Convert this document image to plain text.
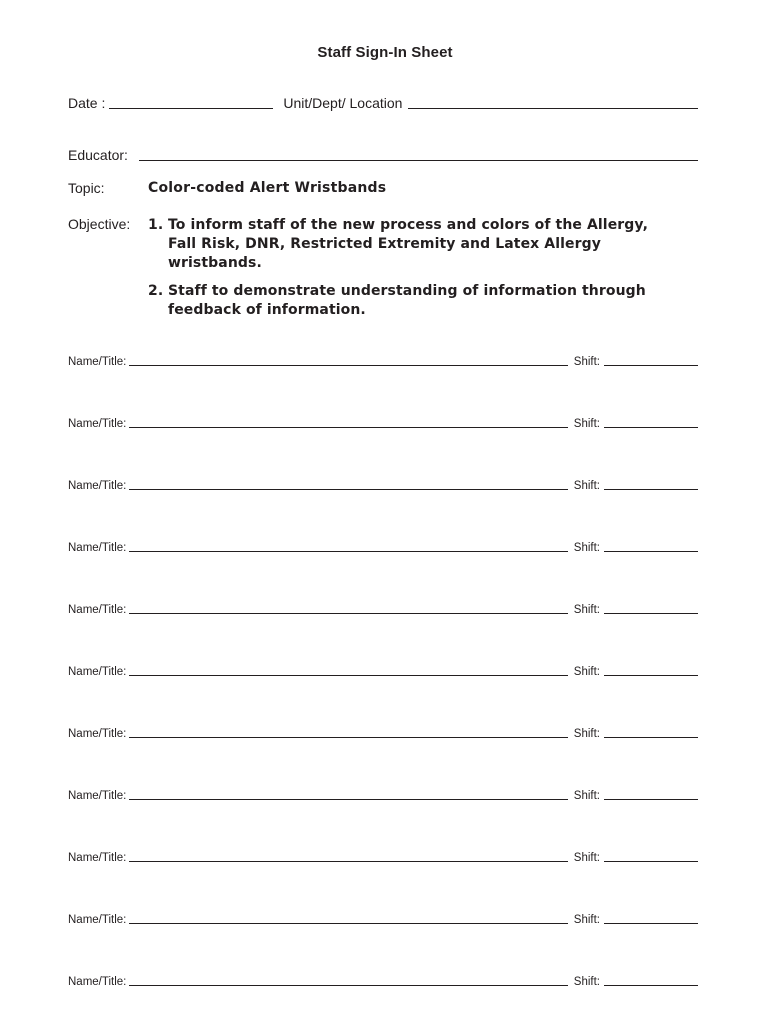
Staff Sign-In Sheet
Date :	Unit/Dept/ Location
Educator:
Topic:	Color-coded Alert Wristbands
Objective:	1. To inform staff of the new process and colors of the Allergy, Fall Risk, DNR, Restricted Extremity and Latex Allergy wristbands.
2. Staff to demonstrate understanding of information through feedback of information.
Name/Title:	Shift:
Name/Title:	Shift:
Name/Title:	Shift:
Name/Title:	Shift:
Name/Title:	Shift:
Name/Title:	Shift:
Name/Title:	Shift:
Name/Title:	Shift:
Name/Title:	Shift:
Name/Title:	Shift:
Name/Title:	Shift:
